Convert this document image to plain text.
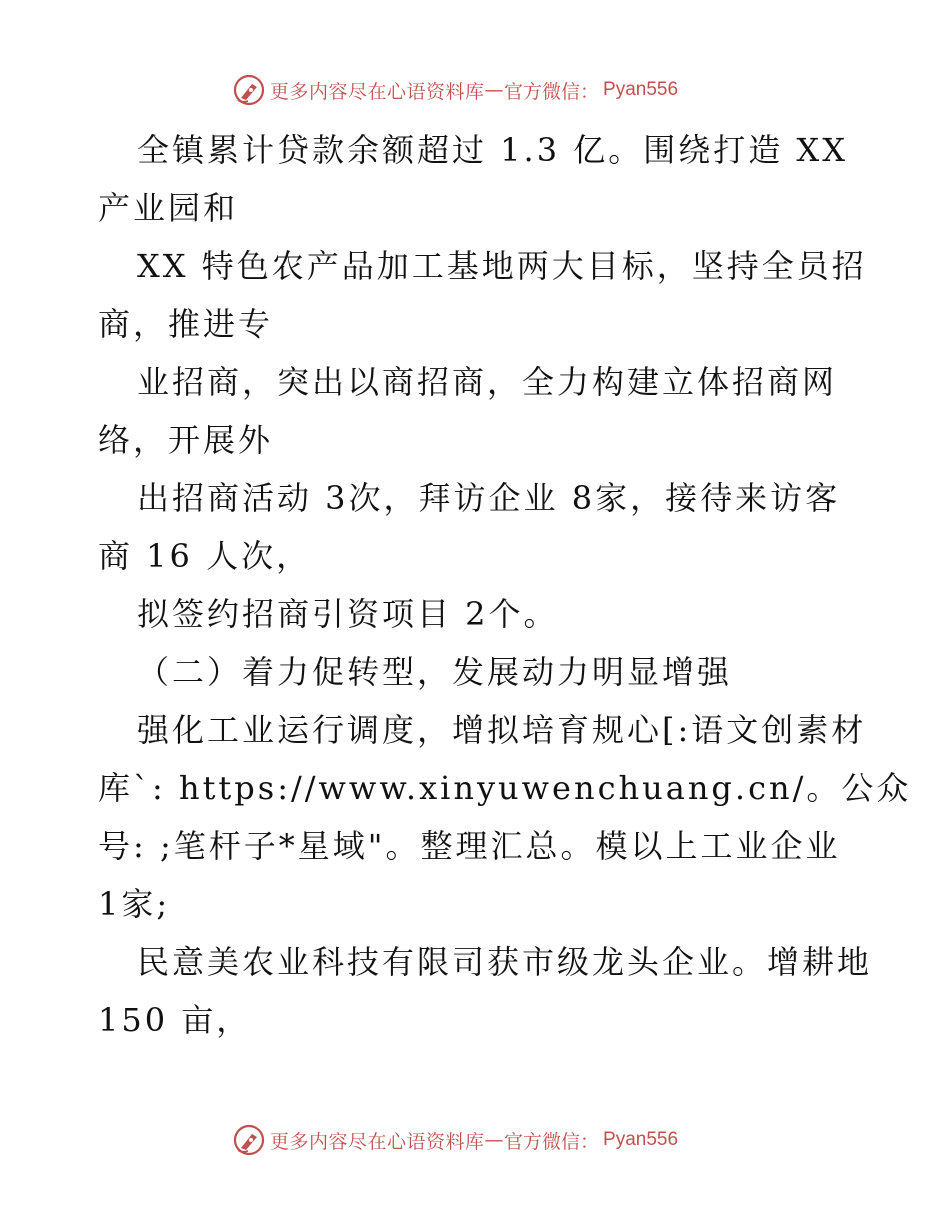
更多内容尽在心语资料库 — 官方微信： Pyan556
全镇累计贷款余额超过 1.3 亿。围绕打造 XX
产业园和
XX 特色农产品加工基地两大目标，坚持全员招
商，推进专
业招商，突出以商招商，全力构建立体招商网
络，开展外
出招商活动 3次，拜访企业 8家，接待来访客
商 16 人次，
拟签约招商引资项目 2个。
（二）着力促转型，发展动力明显增强
强化工业运行调度，增拟培育规心[:语文创素材
库`: https://www.xinyuwenchuang.cn/。公众
号: ;笔杆子*星域"。整理汇总。模以上工业企业
1家;
民意美农业科技有限司获市级龙头企业。增耕地
150 亩，
更多内容尽在心语资料库 — 官方微信： Pyan556
